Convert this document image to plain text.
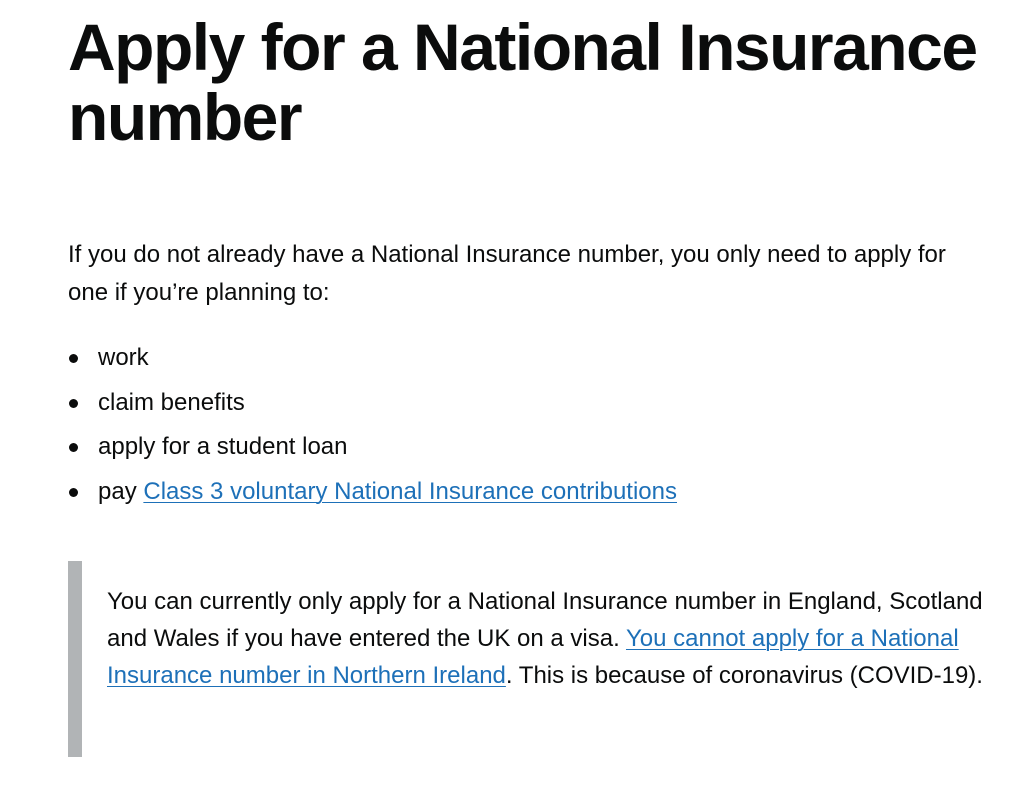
Apply for a National Insurance number

If you do not already have a National Insurance number, you only need to apply for one if you’re planning to:

work
claim benefits
apply for a student loan
pay Class 3 voluntary National Insurance contributions

You can currently only apply for a National Insurance number in England, Scotland and Wales if you have entered the UK on a visa. You cannot apply for a National Insurance number in Northern Ireland. This is because of coronavirus (COVID-19).
